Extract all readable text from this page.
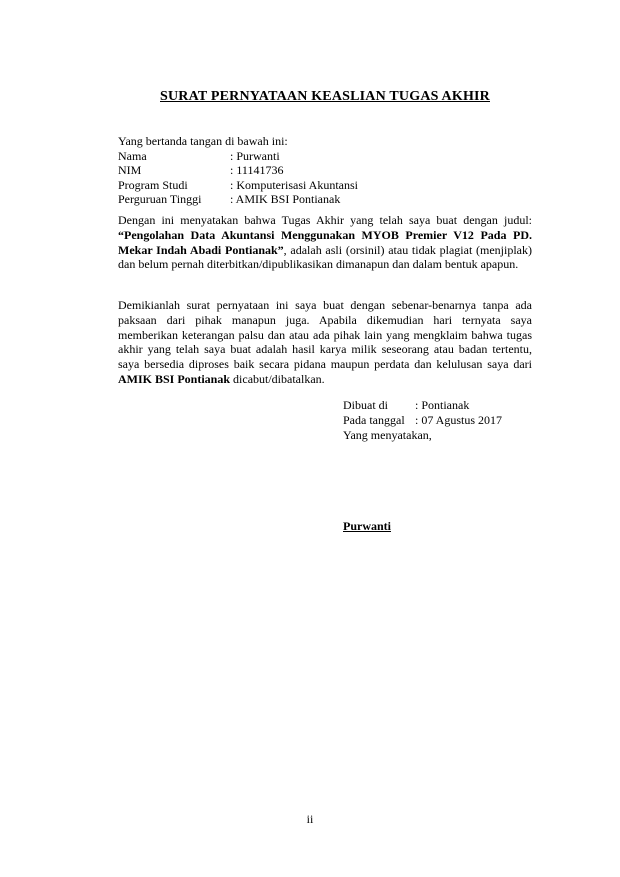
SURAT PERNYATAAN KEASLIAN TUGAS AKHIR
Yang bertanda tangan di bawah ini:
Nama	: Purwanti
NIM	: 11141736
Program Studi	: Komputerisasi Akuntansi
Perguruan Tinggi	: AMIK BSI Pontianak

Dengan ini menyatakan bahwa Tugas Akhir yang telah saya buat dengan judul: “Pengolahan Data Akuntansi Menggunakan MYOB Premier V12 Pada PD. Mekar Indah Abadi Pontianak”, adalah asli (orsinil) atau tidak plagiat (menjiplak) dan belum pernah diterbitkan/dipublikasikan dimanapun dan dalam bentuk apapun.

Demikianlah surat pernyataan ini saya buat dengan sebenar-benarnya tanpa ada paksaan dari pihak manapun juga. Apabila dikemudian hari ternyata saya memberikan keterangan palsu dan atau ada pihak lain yang mengklaim bahwa tugas akhir yang telah saya buat adalah hasil karya milik seseorang atau badan tertentu, saya bersedia diproses baik secara pidana maupun perdata dan kelulusan saya dari AMIK BSI Pontianak dicabut/dibatalkan.

Dibuat di	: Pontianak
Pada tanggal : 07 Agustus 2017
Yang menyatakan,
Purwanti
ii
